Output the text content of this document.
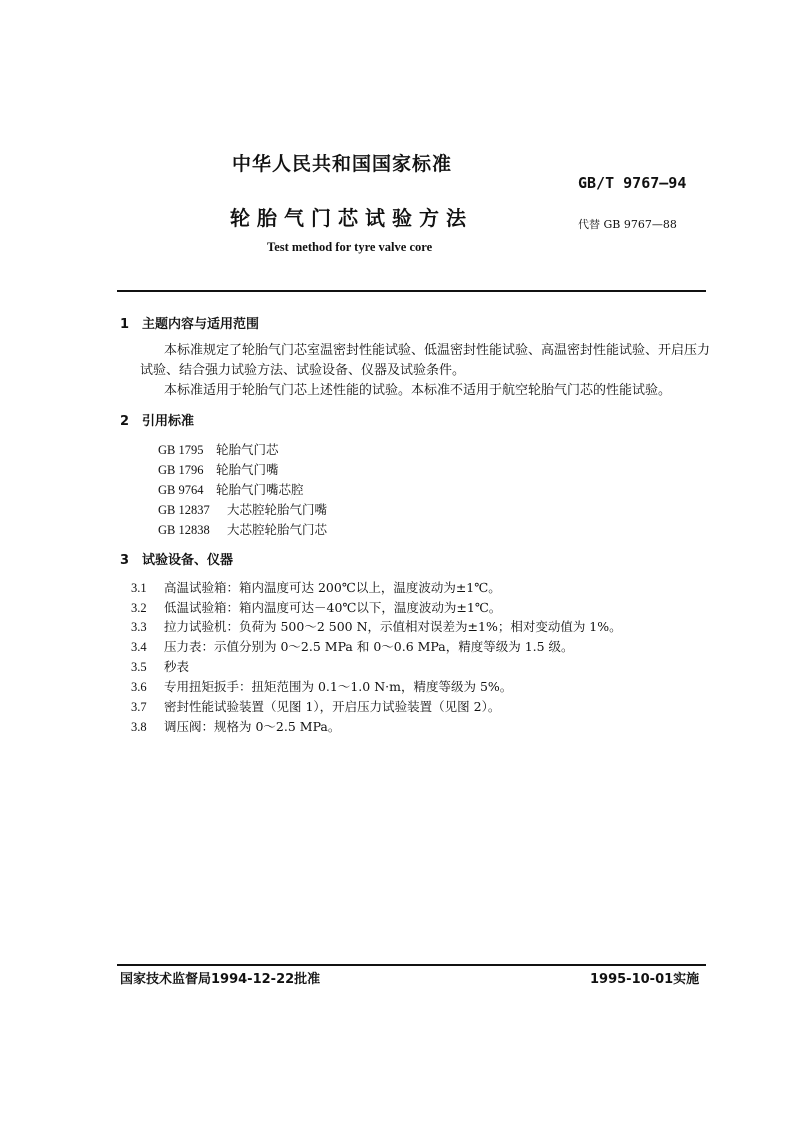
中华人民共和国国家标准
GB/T 9767—94
轮胎气门芯试验方法	代替 GB 9767—88
Test method for tyre valve core
1 主题内容与适用范围
本标准规定了轮胎气门芯室温密封性能试验、低温密封性能试验、高温密封性能试验、开启压力试验、结合强力试验方法、试验设备、仪器及试验条件。
本标准适用于轮胎气门芯上述性能的试验。本标准不适用于航空轮胎气门芯的性能试验。
2 引用标准
GB 1795 轮胎气门芯
GB 1796 轮胎气门嘴
GB 9764 轮胎气门嘴芯腔
GB 12837 大芯腔轮胎气门嘴
GB 12838 大芯腔轮胎气门芯
3 试验设备、仪器
3.1 高温试验箱：箱内温度可达 200℃以上，温度波动为±1℃。
3.2 低温试验箱：箱内温度可达－40℃以下，温度波动为±1℃。
3.3 拉力试验机：负荷为 500～2 500 N，示值相对误差为±1%；相对变动值为 1%。
3.4 压力表：示值分别为 0～2.5 MPa 和 0～0.6 MPa，精度等级为 1.5 级。
3.5 秒表
3.6 专用扭矩扳手：扭矩范围为 0.1～1.0 N·m，精度等级为 5%。
3.7 密封性能试验装置（见图 1），开启压力试验装置（见图 2）。
3.8 调压阀：规格为 0～2.5 MPa。
国家技术监督局1994-12-22批准	1995-10-01实施
